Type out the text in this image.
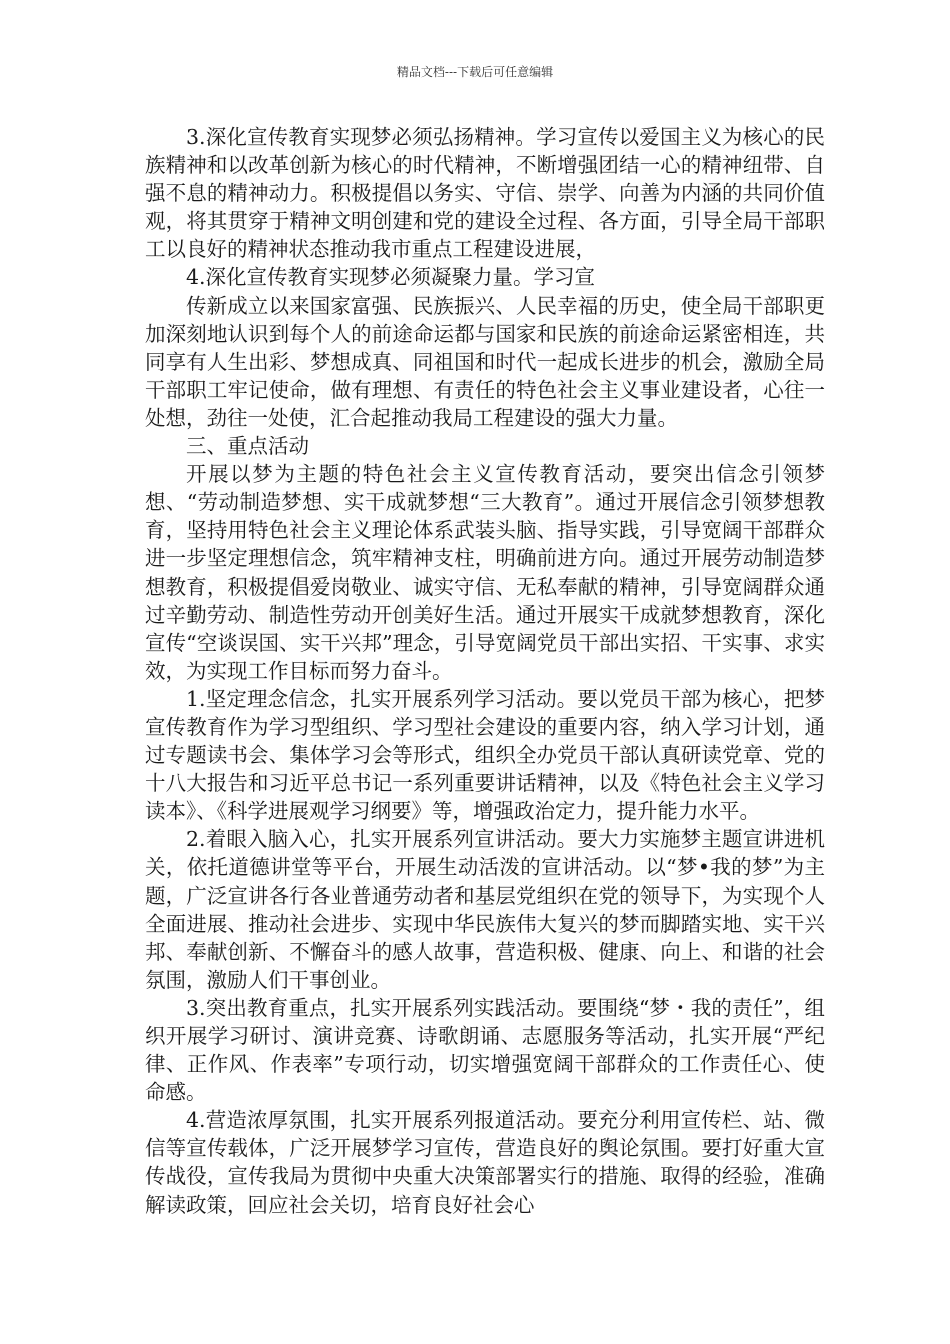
精品文档---下载后可任意编辑

3.深化宣传教育实现梦必须弘扬精神。学习宣传以爱国主义为核心的民族精神和以改革创新为核心的时代精神，不断增强团结一心的精神纽带、自强不息的精神动力。积极提倡以务实、守信、崇学、向善为内涵的共同价值观，将其贯穿于精神文明创建和党的建设全过程、各方面，引导全局干部职工以良好的精神状态推动我市重点工程建设进展，

4.深化宣传教育实现梦必须凝聚力量。学习宣

传新成立以来国家富强、民族振兴、人民幸福的历史，使全局干部职更加深刻地认识到每个人的前途命运都与国家和民族的前途命运紧密相连，共同享有人生出彩、梦想成真、同祖国和时代一起成长进步的机会，激励全局干部职工牢记使命，做有理想、有责任的特色社会主义事业建设者，心往一处想，劲往一处使，汇合起推动我局工程建设的强大力量。

三、重点活动

开展以梦为主题的特色社会主义宣传教育活动，要突出信念引领梦想、“劳动制造梦想、实干成就梦想“三大教育”。通过开展信念引领梦想教育，坚持用特色社会主义理论体系武装头脑、指导实践，引导宽阔干部群众进一步坚定理想信念，筑牢精神支柱，明确前进方向。通过开展劳动制造梦想教育，积极提倡爱岗敬业、诚实守信、无私奉献的精神，引导宽阔群众通过辛勤劳动、制造性劳动开创美好生活。通过开展实干成就梦想教育，深化宣传“空谈误国、实干兴邦”理念，引导宽阔党员干部出实招、干实事、求实效，为实现工作目标而努力奋斗。

1.坚定理念信念，扎实开展系列学习活动。要以党员干部为核心，把梦宣传教育作为学习型组织、学习型社会建设的重要内容，纳入学习计划，通过专题读书会、集体学习会等形式，组织全办党员干部认真研读党章、党的十八大报告和习近平总书记一系列重要讲话精神，以及《特色社会主义学习读本》、《科学进展观学习纲要》等，增强政治定力，提升能力水平。

2.着眼入脑入心，扎实开展系列宣讲活动。要大力实施梦主题宣讲进机关，依托道德讲堂等平台，开展生动活泼的宣讲活动。以“梦•我的梦”为主题，广泛宣讲各行各业普通劳动者和基层党组织在党的领导下，为实现个人全面进展、推动社会进步、实现中华民族伟大复兴的梦而脚踏实地、实干兴邦、奉献创新、不懈奋斗的感人故事，营造积极、健康、向上、和谐的社会氛围，激励人们干事创业。

3.突出教育重点，扎实开展系列实践活动。要围绕“梦・我的责任”，组织开展学习研讨、演讲竞赛、诗歌朗诵、志愿服务等活动，扎实开展“严纪律、正作风、作表率”专项行动，切实增强宽阔干部群众的工作责任心、使命感。

4.营造浓厚氛围，扎实开展系列报道活动。要充分利用宣传栏、站、微信等宣传载体，广泛开展梦学习宣传，营造良好的舆论氛围。要打好重大宣传战役，宣传我局为贯彻中央重大决策部署实行的措施、取得的经验，准确解读政策，回应社会关切，培育良好社会心
